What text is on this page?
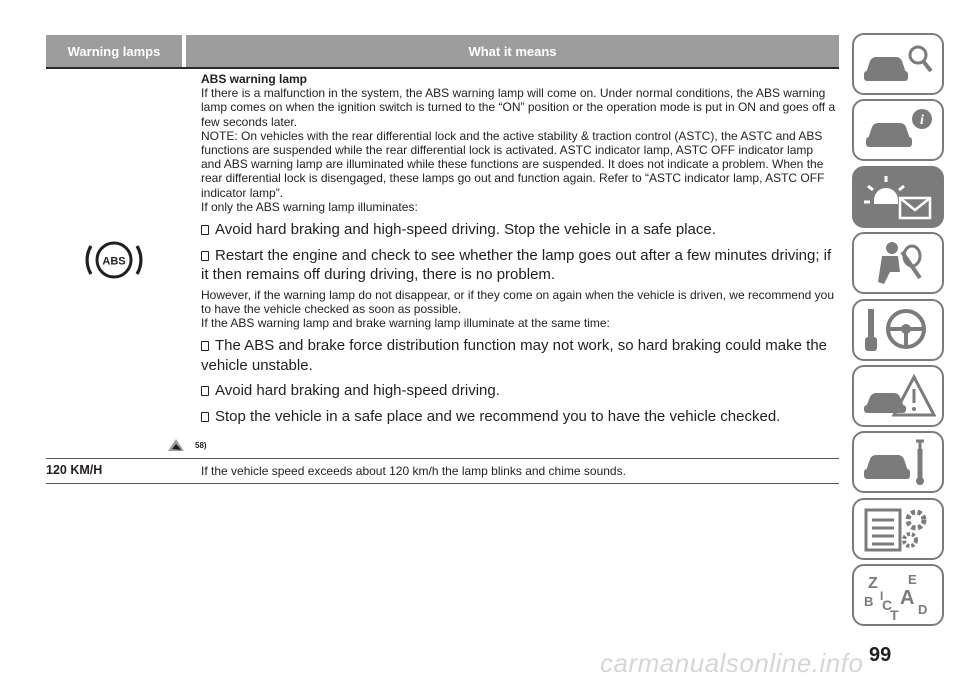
Warning lamps	What it means
ABS

ABS warning lamp

If there is a malfunction in the system, the ABS warning lamp will come on. Under normal conditions, the ABS warning lamp comes on when the ignition switch is turned to the “ON” position or the operation mode is put in ON and goes off a few seconds later.

NOTE: On vehicles with the rear differential lock and the active stability & traction control (ASTC), the ASTC and ABS functions are suspended while the rear differential lock is activated. ASTC indicator lamp, ASTC OFF indicator lamp and ABS warning lamp are illuminated while these functions are suspended. It does not indicate a problem. When the rear differential lock is disengaged, these lamps go out and function again. Refer to “ASTC indicator lamp, ASTC OFF indicator lamp”.

If only the ABS warning lamp illuminates:

Avoid hard braking and high-speed driving. Stop the vehicle in a safe place.
Restart the engine and check to see whether the lamp goes out after a few minutes driving; if it then remains off during driving, there is no problem.

However, if the warning lamp do not disappear, or if they come on again when the vehicle is driven, we recommend you to have the vehicle checked as soon as possible.

If the ABS warning lamp and brake warning lamp illuminate at the same time:

The ABS and brake force distribution function may not work, so hard braking could make the vehicle unstable.
Avoid hard braking and high-speed driving.
Stop the vehicle in a safe place and we recommend you to have the vehicle checked.
58)
120 KM/H	If the vehicle speed exceeds about 120 km/h the lamp blinks and chime sounds.
i
Z E
B A
C D
T
I
carmanualsonline.info 99
